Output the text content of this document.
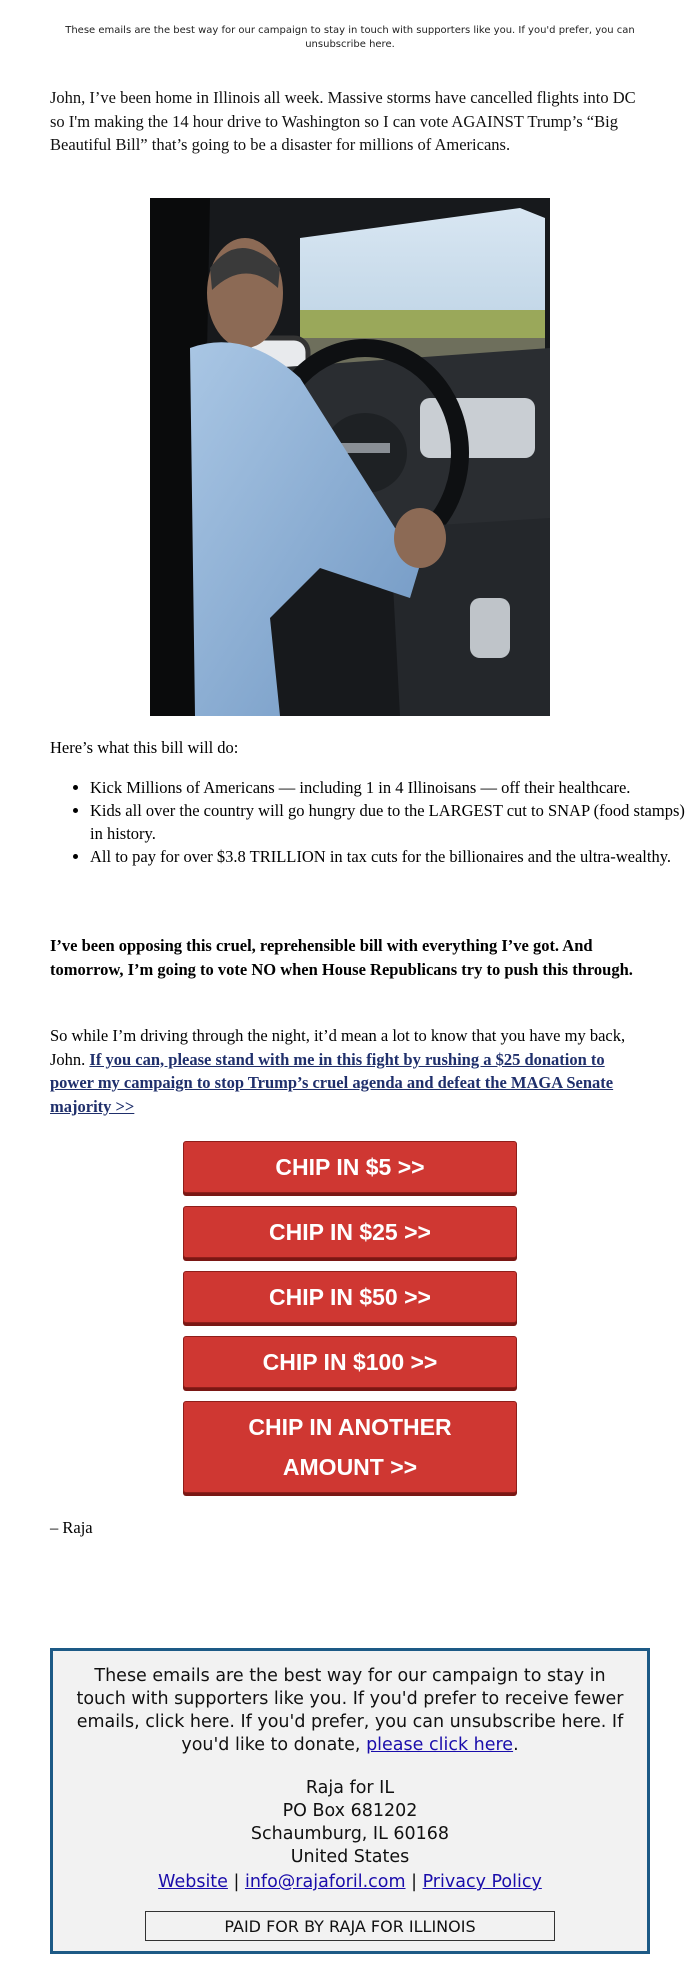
These emails are the best way for our campaign to stay in touch with supporters like you. If you'd prefer, you can unsubscribe here.

John, I’ve been home in Illinois all week. Massive storms have cancelled flights into DC so I'm making the 14 hour drive to Washington so I can vote AGAINST Trump’s “Big Beautiful Bill” that’s going to be a disaster for millions of Americans.

Here’s what this bill will do:
• Kick Millions of Americans — including 1 in 4 Illinoisans — off their healthcare.
• Kids all over the country will go hungry due to the LARGEST cut to SNAP (food stamps) in history.
• All to pay for over $3.8 TRILLION in tax cuts for the billionaires and the ultra-wealthy.
I’ve been opposing this cruel, reprehensible bill with everything I’ve got. And tomorrow, I’m going to vote NO when House Republicans try to push this through.
So while I’m driving through the night, it’d mean a lot to know that you have my back, John. If you can, please stand with me in this fight by rushing a $25 donation to power my campaign to stop Trump’s cruel agenda and defeat the MAGA Senate majority >>
CHIP IN $5 >>
CHIP IN $25 >>
CHIP IN $50 >>
CHIP IN $100 >>
CHIP IN ANOTHER
AMOUNT >>
– Raja
These emails are the best way for our campaign to stay in touch with supporters like you. If you'd prefer to receive fewer emails, click here. If you'd prefer, you can unsubscribe here. If you'd like to donate, please click here.
Raja for IL
PO Box 681202
Schaumburg, IL 60168
United States
Website | info@rajaforil.com | Privacy Policy
PAID FOR BY RAJA FOR ILLINOIS
